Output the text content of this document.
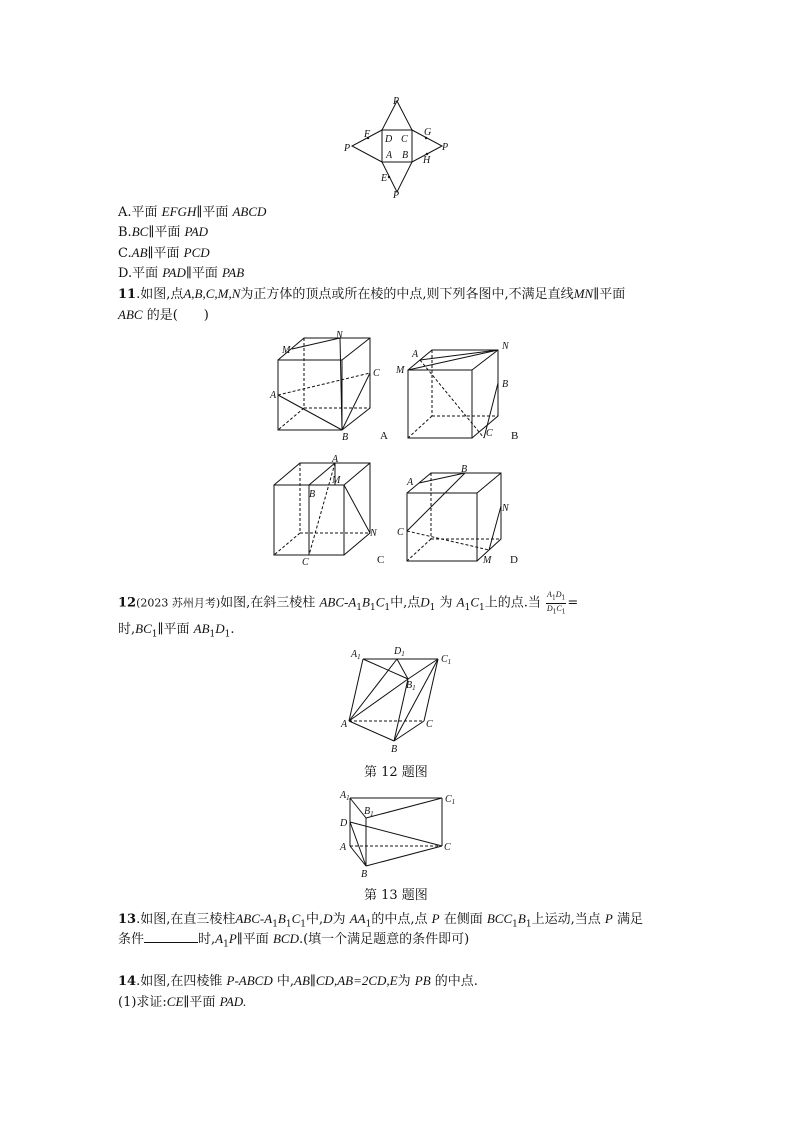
P
P	P
P
E
F	G
H
A B
C
D
A.平面 EFGH∥平面 ABCD
B.BC∥平面 PAD
C.AB∥平面 PCD
D.平面 PAD∥平面 PAB
11.如图,点A,B,C,M,N为正方体的顶点或所在棱的中点,则下列各图中,不满足直线MN∥平面
ABC 的是(　　)
M
N
C
A
B	A
A
M
N
B
C B
A
B
M
N
C	C
A
B
C
N
M D
12(2023 苏州月考)如图,在斜三棱柱 ABC-$A_1B_1C_1$中,点$D_1$ 为 $A_1C_1$上的点.当 $\frac{A_1D_1}{D_1C_1}$ =
时$,BC_1\parallel$平面 $AB_1D_1$.
$A_1$	$D_1$	$C_1$
$B_1$
A	C
B
第 12 题图
$A_1$
$B_1$
$C_1$
D
A	C
B
第 13 题图
13.如图,在直三棱柱ABC-$A_1B_1C_1$中,D为 $AA_1$的中点,点 P 在侧面 $BCC_1B_1$上运动,当点 P 满足
条件	时$,A_1P\parallel$平面 BCD.(填一个满足题意的条件即可)
14.如图,在四棱锥 P-ABCD 中,AB∥CD,AB=2CD,E为 PB 的中点.
(1)求证:CE∥平面 PAD.
